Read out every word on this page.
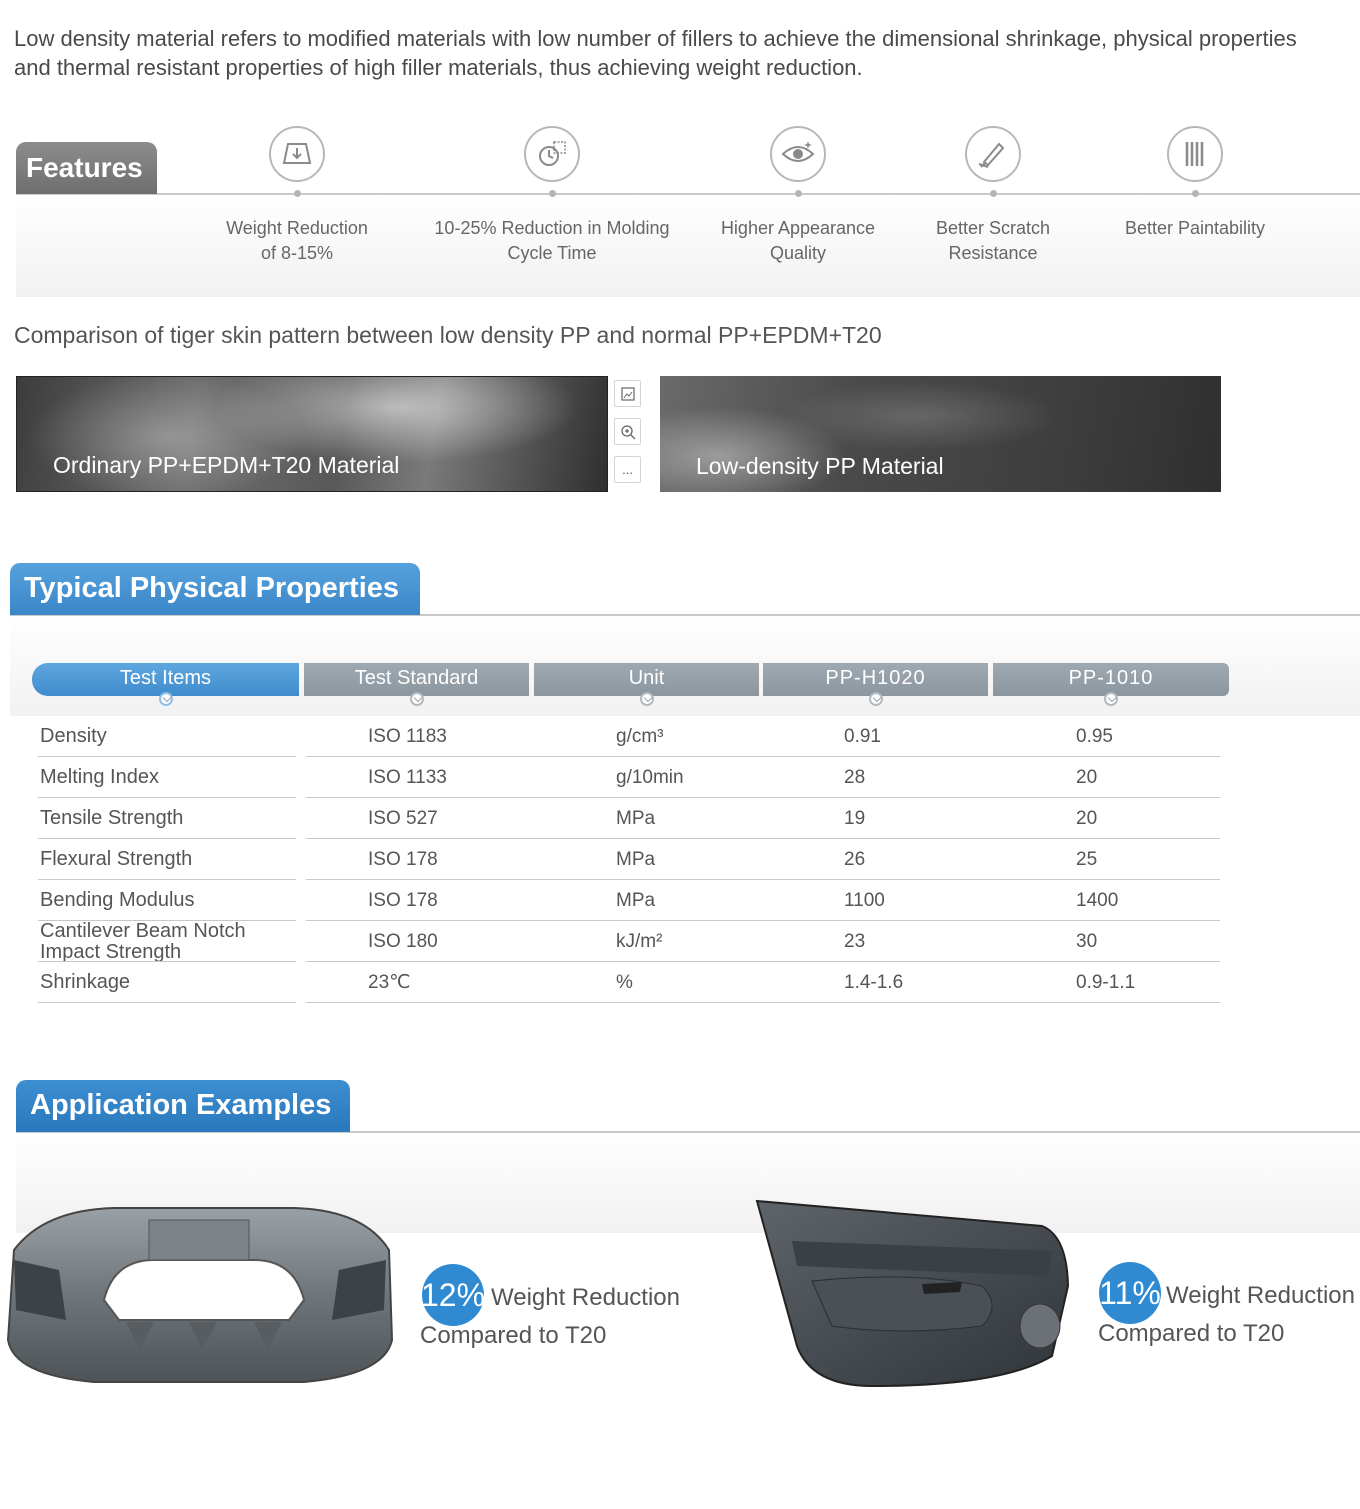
Low density material refers to modified materials with low number of fillers to achieve the dimensional shrinkage, physical properties and thermal resistant properties of high filler materials, thus achieving weight reduction.

Features
Weight Reduction
of 8-15%
10-25% Reduction in Molding
Cycle Time
Higher Appearance
Quality
Better Scratch
Resistance
Better Paintability
Comparison of tiger skin pattern between low density PP and normal PP+EPDM+T20
Ordinary PP+EPDM+T20 Material	...	Low-density PP Material
Typical Physical Properties
Test Items	Test Standard	Unit	PP-H1020	PP-1010
Density	ISO 1183	g/cm³	0.91	0.95
Melting Index	ISO 1133	g/10min	28	20
Tensile Strength	ISO 527	MPa	19	20
Flexural Strength	ISO 178	MPa	26	25
Bending Modulus	ISO 178	MPa	1100	1400
Cantilever Beam Notch Impact Strength	ISO 180	kJ/m²	23	30
Shrinkage	23℃	%	1.4-1.6	0.9-1.1
Application Examples
12% Weight Reduction
Compared to T20
11% Weight Reduction
Compared to T20
